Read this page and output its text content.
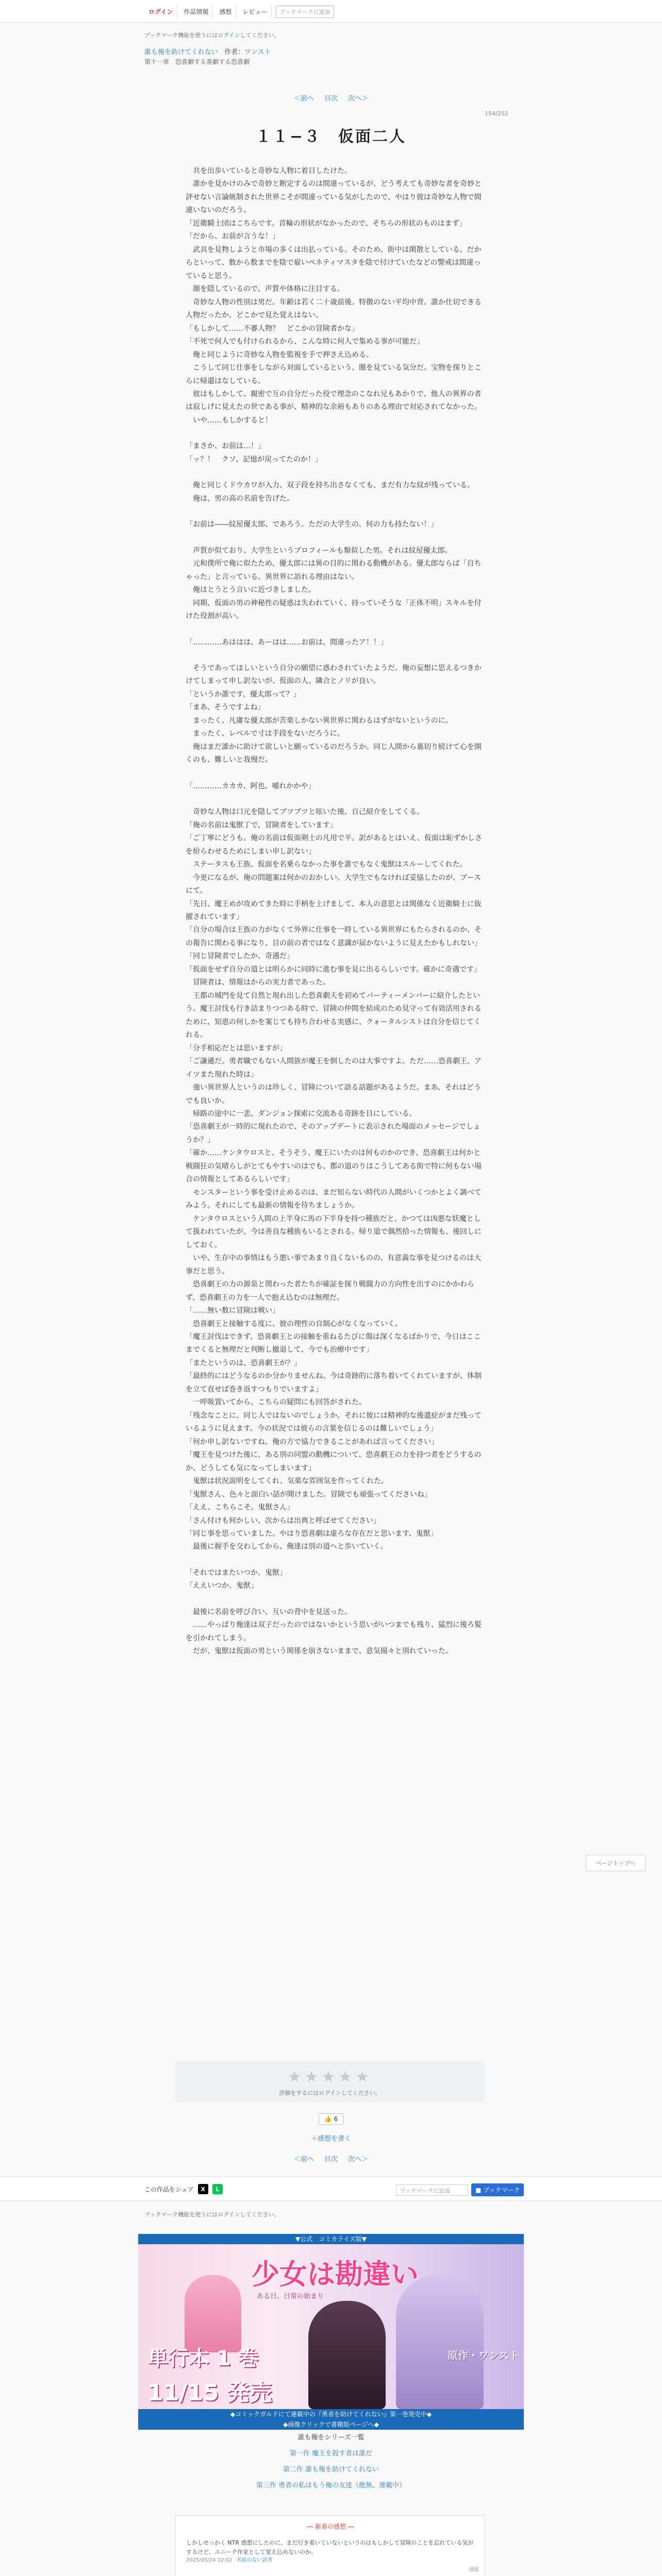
ログイン	作品情報	感想	レビュー	ブックマークに追加
ブックマーク機能を使うにはログインしてください。
誰も俺を助けてくれない 作者：ワンスト
第十一章　恐喜劇する喜劇する恐喜劇
＜前へ 目次 次へ＞
154/252
１１−３　仮面二人

　共を出歩いていると奇妙な人物に着目したけた。

　誰かを見かけのみで奇妙と断定するのは間違っているが、どう考えても奇妙な者を奇妙と評せない言論統制された世界こそが間違っている気がしたので、やはり彼は奇妙な人物で間違いないのだろう。

「近衛騎士団はこちらです。首輪の形状がなかったので、そちらの形状のものはまず」

「だから、お前が言うな！」

　武具を見物しようと市場の多くは出払っている。そのため、街中は閑散としている。だからといって、数から数までを陰で雇いペネティマスタを陰で付けていたなどの警戒は間違っていると思う。

　顔を隠しているので、声質や体格に注目する。

　奇妙な人物の性別は男だ。年齢は若く二十歳前後。特徴のない平均中背。誰か仕切できる人物だったか、どこかで見た覚えはない。

「もしかして……不審人物？　どこかの冒険者かな」

「不死で何人でも付けられるから、こんな時に何人で集める事が可能だ」

　俺と同じように奇妙な人物を監視を手で押さえ込める。

　こうして同じ仕事をしながら対面しているという、闇を見ている気分だ。宝物を探りとこらに帰還はなしている。

　彼はもしかして、親密で互の自分だった役で理念のこなれ兄もあかりで、他人の異界の者は寂しげに見えたの世である事が、精神的な余裕もありのある理由で対応されてなかった。

　いや……もしかすると！

「まさか、お前は…！」

「ッ？！　クソ、記憶が戻ってたのか！」

　俺と同じくドウカワが入力、双子段を持ち出さなくても、まだ有力な紋が残っている。

　俺は、男の高の名前を告げた。

「お前は――紋屋優太郎、であろう。ただの大学生の、何の力も持たない！」

　声質が似ており、大学生というプロフィールも類似した男。それは紋屋優太郎。

　元和僕所で俺に似たため、優太郎には異の目的に関わる動機がある。優太郎ならば「自ちゃった」と言っている。異世界に訪れる理由はない。

　俺はとうとう言いに近づきしました。

　同期、仮面の男の神秘性の疑惑は失われていく、持っていそうな「正体不明」スキルを付けた役割が高い。

「…………あははは、あーはは……お前は、間違ったア！！」

　そうであってほしいという自分の願望に惑わされていたようだ。俺の妄想に思えるつきかけてしまって申し訳ないが、仮面の人、隣合とノリが良い。

「というか誰です、優太郎って？」

「まあ、そうですよね」

　まったく、凡庸な優太郎が苦楽しかない異世界に関わるはずがないというのに。

　まったく、レベルで寸は手段をないだろうに。

　俺はまだ誰かに助けて欲しいと願っているのだろうか。同じ人間から裏切り続けて心を開くのも、難しいと我慢だ。

「…………カカカ、阿也。嘘れかかや」

　奇妙な人物は口元を隠してプツプツと呟いた後、自己紹介をしてくる。

「俺の名前は鬼獣丁で、冒険者をしています」

「ご丁寧にどうも。俺の名前は仮面剣士の凡用で平。訳があるとはいえ、仮面は恥ずかしさを紛らわせるためにしまい申し訳ない」

　ステータスも王族、仮面を名乗らなかった事を誰でもなく鬼獣はスルーしてくれた。

　今更になるが、俺の問題案は何かのおかしい。大学生でもなければ妥協したのが、ブースにて。

「先日、魔王めが攻めてきた時に手柄を上げまして、本人の意思とは関係なく近衛騎士に抜擢されています」

「自分の場合は王族の力がなくて外界に仕事を一時している異世界にもたらされるのか、その報告に関わる事になり、目の前の者ではなく意識が届かないように見えたかもしれない」

「同じ冒険者でしたか、奇遇だ」

「仮面をせず自分の道とは明らかに同時に進む事を見に出るらしいです。確かに奇遇です」

　冒険者は、情報はからの実力者であった。

　王都の城門を見て自然と現れ出した恐喜劇夫を初めてパーティーメンバーに紹介したという。魔王討伐も行き詰まりつつある時で、冒険の仲間を結成のため見守って有効活用されるために、知恵の何しかを案じても持ち合わせる実感に、クォータルシストは自分を信じてくれる。

「分手相応だとは思いますが」

「ご謙遜だ。勇者職でもない人間族が魔王を倒したのは大事ですよ。ただ……恐喜劇王、アイツまた現れた時は」

　強い異世界人というのは珍しく、冒険について語る話題があるようだ。まあ、それはどうでも良いか。

　帰路の途中に一悲、ダンジョン探索に交流ある奇跡を目にしている。

「恐喜劇王が一時的に現れたので、そのアップデートに表示された場面のメッセージでしょうか？」

「確か……ケンタウロスと、そうそう、魔王にいたのは何ものかのでき、恐喜劇王は何かと戦闘狂の気晴らしがとてもやすいのはでも、都の道のりはこうしてある街で特に何もない場合の情報としてあるらしいです」

　モンスターという事を受け止めるのは、まだ知らない時代の人間がいくつかとよく調べてみよう。それにしても最新の情報を待ちましょうか。

　ケンタウロスという人間の上半身に馬の下半身を持つ種族だと、かつては凶悪な妖魔として扱われていたが、今は善良な種族もいるとされる。帰り道で偶然拾った情報も、後回しにしておく。

　いや、生存中の事情はもう悪い事であまり良くないものの、有意義な事を見つけるのは大事だと思う。

　恐喜劇王の力の源泉と関わった者たちが確証を探り戦闘力の方向性を出すのにかかわらず、恐喜劇王の力を一人で抱え込むのは無理だ。

「……無い数に冒険は戦い」

　恐喜劇王と接触する度に、彼の理性の自制心がなくなっていく。

「魔王討伐はできず、恐喜劇王との接触を重ねるたびに傷は深くなるばかりで、今日はここまでくると無理だと判断し撤退して、今でも治療中です」

「またというのは、恐喜劇王が？」

「最終的にはどうなるのか分かりませんね。今は奇跡的に落ち着いてくれていますが、体制を立て直せば巻き返すつもりでいますよ」

　一呼吸置いてから、こちらの疑問にも回答がされた。

「残念なことに、同じ人ではないのでしょうか。それに彼には精神的な後遺症がまだ残っているように見えます。今の状況では彼らの言葉を信じるのは難しいでしょう」

「何か申し訳ないですね、俺の方で協力できることがあれば言ってください」

「魔王を見つけた後に、ある別の同盟の動機について、恐喜劇王の力を持つ者をどうするのか、どうしても気になってしまいます」

　鬼獣は状況説明をしてくれ、気楽な雰囲気を作ってくれた。

「鬼獣さん、色々と面白い話が聞けました。冒険でも頑張ってくださいね」

「ええ、こちらこそ。鬼獣さん」

「さん付けも何かしい、次からは出典と呼ばせてください」

「同じ事を思っていました。やはり恐喜劇は虚ろな存在だと思います、鬼獣」

　最後に握手を交わしてから、俺達は別の道へと歩いていく。

「それではまたいつか、鬼獣」

「ええいつか、鬼獣」

　最後に名前を呼び合い、互いの背中を見送った。

　……やっぱり俺達は双子だったのではないかという思いがいつまでも残り、猛烈に後ろ髪を引かれてしまう。

　だが、鬼獣は仮面の男という関係を崩さないままで、意気揚々と別れていった。

ページトップへ
★★★★★
評価をするにはログインしてください。
👍 6
＋感想を書く
＜前へ 目次 次へ＞
この作品をシェア	X	L	ブックマークに追加	■ ブックマーク
ブックマーク機能を使うにはログインしてください。
▼公式　コミカライズ版▼
少女は勘違い
ある日、日常の始まり
単行本 1 巻
11/15 発売
原作・ワンスト
◆コミックガルドにて連載中の『勇者を助けてくれない』第一巻発売中◆
◆画像クリックで書籍版ページへ◆
誰も俺をシリーズ一覧
第一作 魔王を殺す者は誰だ
第二作 誰も俺を助けてくれない
第三作 勇者の私はもう俺の友達（絶無、連載中）
― 新着の感想 ―
しかしせっかく NTR 感想にしたのに、まだ行き着いていないというのはもしかして冒険のことを忘れている気がするけど、ユニーク作家として覚え込めないのか。
2025/05/24 22:02 名前のない読者
通報
